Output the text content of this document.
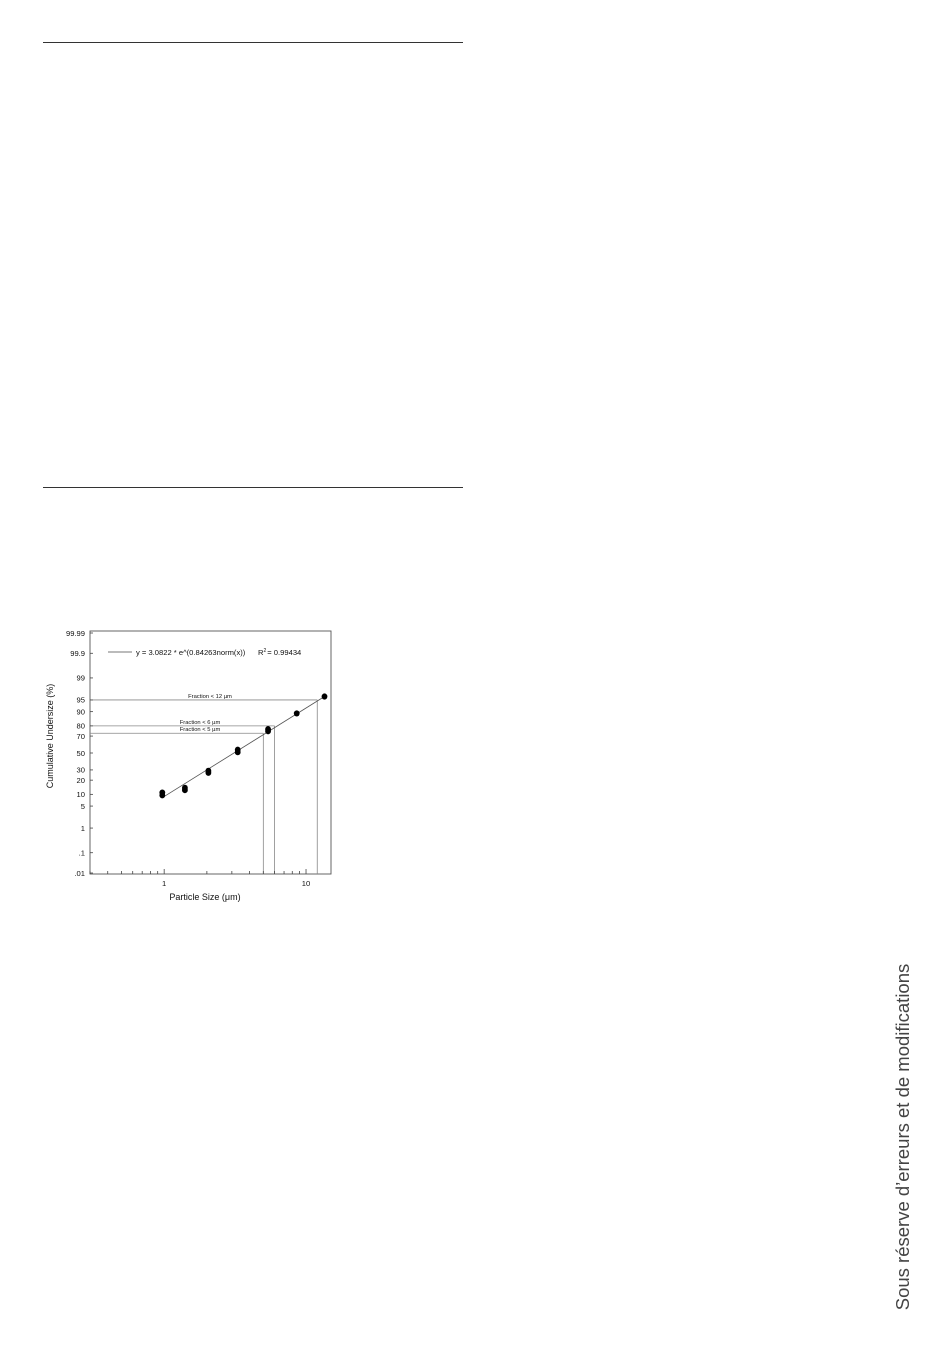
Fraction < 12 µm
Fraction < 6 µm
Fraction < 5 µm
.01
.1
1
5
10
20
30
50
70
80
90
95
99
99.9
99.99
1	10
y = 3.0822 * e^(0.84263norm(x)) $R^2= 0.99434$
Particle Size (μm)
Cumulative Undersize (%)
Sous réserve d’erreurs et de modifications
